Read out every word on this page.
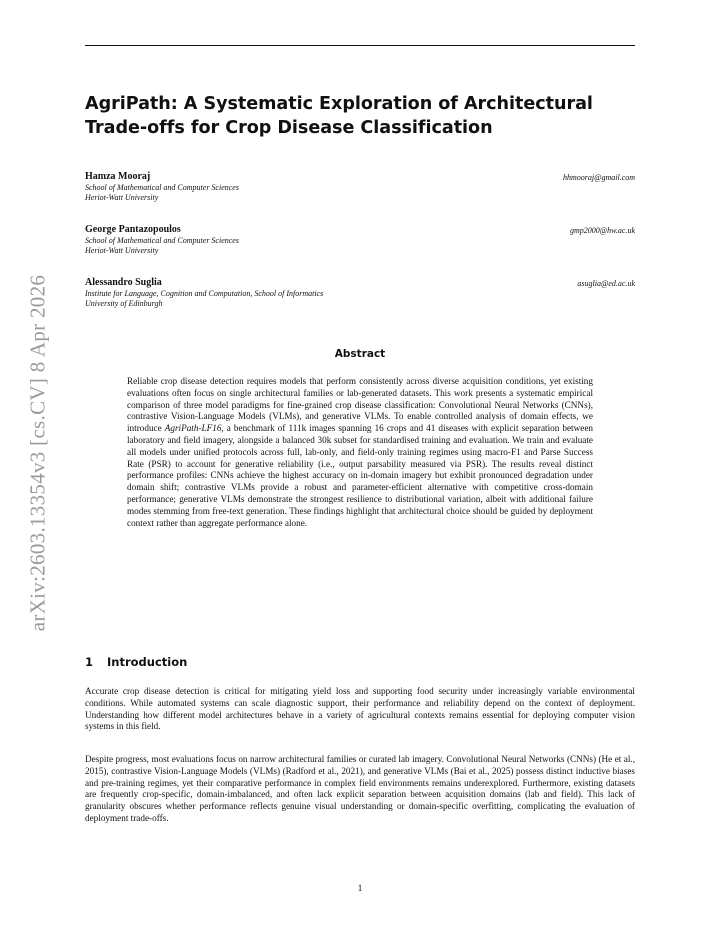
arXiv:2603.13354v3 [cs.CV] 8 Apr 2026
AgriPath: A Systematic Exploration of Architectural Trade-offs for Crop Disease Classification
Hamza Mooraj	hhmooraj@gmail.com
School of Mathematical and Computer Sciences
Heriot-Watt University
George Pantazopoulos	gmp2000@hw.ac.uk
School of Mathematical and Computer Sciences
Heriot-Watt University
Alessandro Suglia	asuglia@ed.ac.uk
Institute for Language, Cognition and Computation, School of Informatics
University of Edinburgh
Abstract

Reliable crop disease detection requires models that perform consistently across diverse acquisition conditions, yet existing evaluations often focus on single architectural families or lab-generated datasets. This work presents a systematic empirical comparison of three model paradigms for fine-grained crop disease classification: Convolutional Neural Networks (CNNs), contrastive Vision-Language Models (VLMs), and generative VLMs. To enable controlled analysis of domain effects, we introduce AgriPath-LF16, a benchmark of 111k images spanning 16 crops and 41 diseases with explicit separation between laboratory and field imagery, alongside a balanced 30k subset for standardised training and evaluation. We train and evaluate all models under unified protocols across full, lab-only, and field-only training regimes using macro-F1 and Parse Success Rate (PSR) to account for generative reliability (i.e., output parsability measured via PSR). The results reveal distinct performance profiles: CNNs achieve the highest accuracy on in-domain imagery but exhibit pronounced degradation under domain shift; contrastive VLMs provide a robust and parameter-efficient alternative with competitive cross-domain performance; generative VLMs demonstrate the strongest resilience to distributional variation, albeit with additional failure modes stemming from free-text generation. These findings highlight that architectural choice should be guided by deployment context rather than aggregate performance alone.

1 Introduction

Accurate crop disease detection is critical for mitigating yield loss and supporting food security under increasingly variable environmental conditions. While automated systems can scale diagnostic support, their performance and reliability depend on the context of deployment. Understanding how different model architectures behave in a variety of agricultural contexts remains essential for deploying computer vision systems in this field.

Despite progress, most evaluations focus on narrow architectural families or curated lab imagery. Convolutional Neural Networks (CNNs) (He et al., 2015), contrastive Vision-Language Models (VLMs) (Radford et al., 2021), and generative VLMs (Bai et al., 2025) possess distinct inductive biases and pre-training regimes, yet their comparative performance in complex field environments remains underexplored. Furthermore, existing datasets are frequently crop-specific, domain-imbalanced, and often lack explicit separation between acquisition domains (lab and field). This lack of granularity obscures whether performance reflects genuine visual understanding or domain-specific overfitting, complicating the evaluation of deployment trade-offs.

1
